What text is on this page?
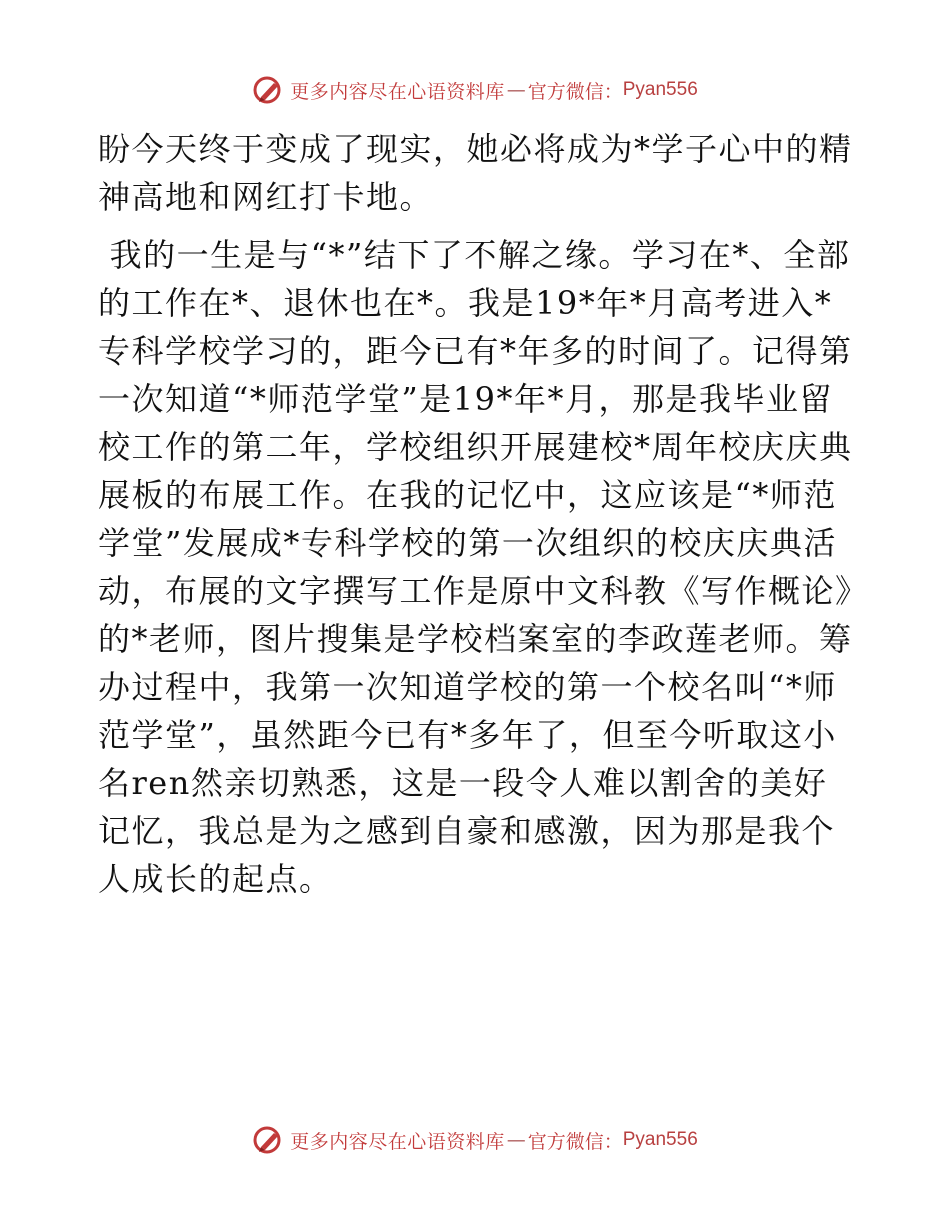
更多内容尽在心语资料库 — 官方微信： Pyan556

盼今天终于变成了现实，她必将成为*学子心中的精神高地和网红打卡地。

我的一生是与“*”结下了不解之缘。学习在*、全部的工作在*、退休也在*。我是19*年*月高考进入*专科学校学习的，距今已有*年多的时间了。记得第一次知道“*师范学堂”是19*年*月，那是我毕业留校工作的第二年，学校组织开展建校*周年校庆庆典展板的布展工作。在我的记忆中，这应该是“*师范学堂”发展成*专科学校的第一次组织的校庆庆典活动，布展的文字撰写工作是原中文科教《写作概论》的*老师，图片搜集是学校档案室的李政莲老师。筹办过程中，我第一次知道学校的第一个校名叫“*师范学堂”，虽然距今已有*多年了，但至今听取这小名ren然亲切熟悉，这是一段令人难以割舍的美好记忆，我总是为之感到自豪和感激，因为那是我个人成长的起点。

更多内容尽在心语资料库 — 官方微信： Pyan556
